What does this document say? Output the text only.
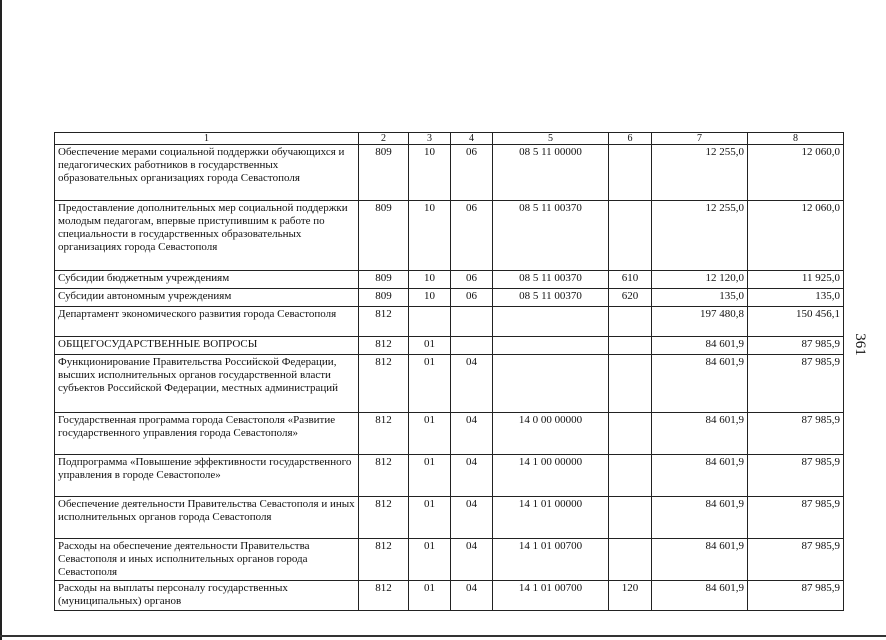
361
1	2	3	4	5	6	7	8
Обеспечение мерами социальной поддержки обучающихся и педагогических работников в государственных образовательных организациях города Севастополя	809	10	06	08 5 11 00000		12 255,0	12 060,0
Предоставление дополнительных мер социальной поддержки молодым педагогам, впервые приступившим к работе по специальности в государственных образовательных организациях города Севастополя	809	10	06	08 5 11 00370		12 255,0	12 060,0
Субсидии бюджетным учреждениям	809	10	06	08 5 11 00370	610	12 120,0	11 925,0
Субсидии автономным учреждениям	809	10	06	08 5 11 00370	620	135,0	135,0
Департамент экономического развития города Севастополя	812					197 480,8	150 456,1
ОБЩЕГОСУДАРСТВЕННЫЕ ВОПРОСЫ	812	01				84 601,9	87 985,9
Функционирование Правительства Российской Федерации, высших исполнительных органов государственной власти субъектов Российской Федерации, местных администраций	812	01	04			84 601,9	87 985,9
Государственная программа города Севастополя «Развитие государственного управления города Севастополя»	812	01	04	14 0 00 00000		84 601,9	87 985,9
Подпрограмма «Повышение эффективности государственного управления в городе Севастополе»	812	01	04	14 1 00 00000		84 601,9	87 985,9
Обеспечение деятельности Правительства Севастополя и иных исполнительных органов города Севастополя	812	01	04	14 1 01 00000		84 601,9	87 985,9
Расходы на обеспечение деятельности Правительства Севастополя и иных исполнительных органов города Севастополя	812	01	04	14 1 01 00700		84 601,9	87 985,9
Расходы на выплаты персоналу государственных (муниципальных) органов	812	01	04	14 1 01 00700	120	84 601,9	87 985,9
